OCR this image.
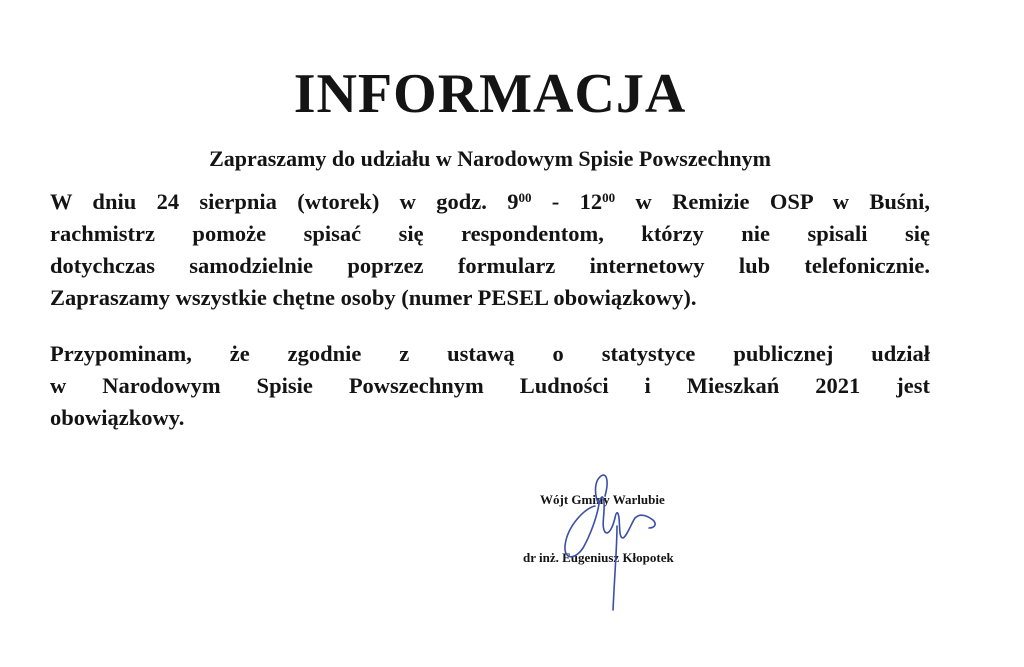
INFORMACJA
Zapraszamy do udziału w Narodowym Spisie Powszechnym
W dniu 24 sierpnia (wtorek) w godz. $9^{00} - 12^{00}$ w Remizie OSP w Buśni,
rachmistrz pomoże spisać się respondentom, którzy nie spisali się
dotychczas samodzielnie poprzez formularz internetowy lub telefonicznie.
Zapraszamy wszystkie chętne osoby (numer PESEL obowiązkowy).
Przypominam, że zgodnie z ustawą o statystyce publicznej udział
w Narodowym Spisie Powszechnym Ludności i Mieszkań 2021 jest
obowiązkowy.
Wójt Gminy Warlubie
dr inż. Eugeniusz Kłopotek
